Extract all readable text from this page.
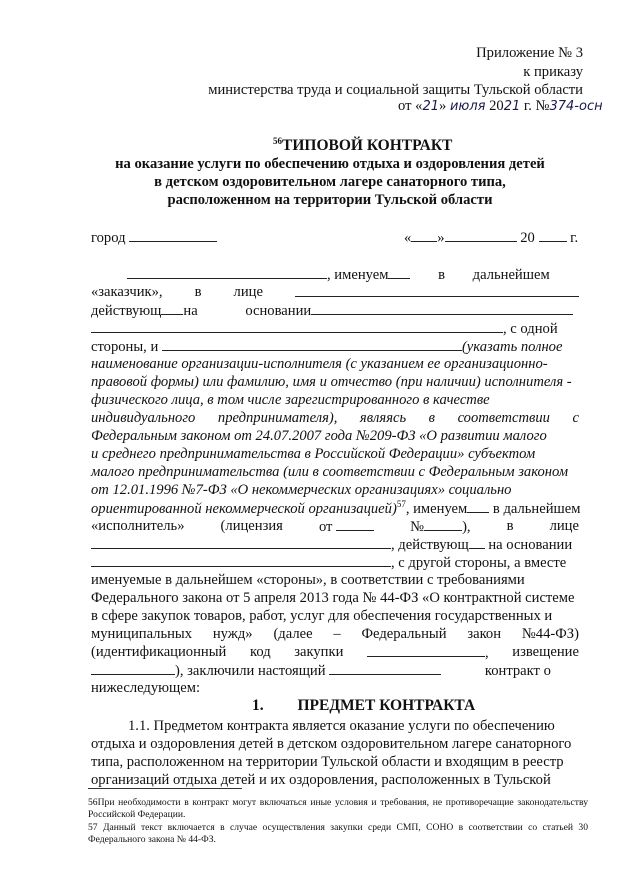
Приложение № 3
к приказу
министерства труда и социальной защиты Тульской области
от «21» июля 2021 г. №374-осн
$^{56}$ТИПОВОЙ КОНТРАКТ
на оказание услуги по обеспечению отдыха и оздоровления детей
в детском оздоровительном лагере санаторного типа,
расположенном на территории Тульской области
город	« »	20 г.
, именуем	в дальнейшем
«заказчик», в лице
действующ на	основании
, с одной
стороны, и	(указать полное
наименование организации-исполнителя (с указанием ее организационно-
правовой формы) или фамилию, имя и отчество (при наличии) исполнителя -
физического лица, в том числе зарегистрированного в качестве
индивидуального предпринимателя), являясь в соответствии с
Федеральным законом от 24.07.2007 года №209-ФЗ «О развитии малого
и среднего предпринимательства в Российской Федерации» субъектом
малого предпринимательства (или в соответствии с Федеральным законом
от 12.01.1996 №7-ФЗ «О некоммерческих организациях» социально
ориентированной некоммерческой организацией)$^{57}$, именуем в дальнейшем
«исполнитель» (лицензия от	№	), в лице
, действующ на основании
, с другой стороны, а вместе
именуемые в дальнейшем «стороны», в соответствии с требованиями
Федерального закона от 5 апреля 2013 года № 44-ФЗ «О контрактной системе
в сфере закупок товаров, работ, услуг для обеспечения государственных и
муниципальных нужд» (далее – Федеральный закон №44-ФЗ)
(идентификационный код закупки	, извещение
), заключили настоящий	контракт о
нижеследующем:
1. ПРЕДМЕТ КОНТРАКТА
1.1. Предметом контракта является оказание услуги по обеспечению
отдыха и оздоровления детей в детском оздоровительном лагере санаторного
типа, расположенном на территории Тульской области и входящим в реестр
организаций отдыха детей и их оздоровления, расположенных в Тульской
56При необходимости в контракт могут включаться иные условия и требования, не противоречащие законодательству Российской Федерации.
57 Данный текст включается в случае осуществления закупки среди СМП, СОНО в соответствии со статьей 30 Федерального закона № 44-ФЗ.
